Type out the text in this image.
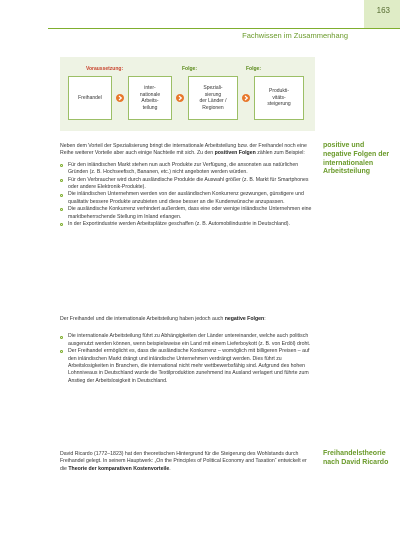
163
Fachwissen im Zusammenhang
Voraussetzung:	Folge:	Folge:
Freihandel
inter-
nationale
Arbeits-
teilung
Speziali-
sierung
der Länder /
Regionen
Produkti-
vitäts-
steigerung

Neben dem Vorteil der Spezialisierung bringt die internationale Arbeitsteilung bzw. der Freihandel noch eine Reihe weiterer Vorteile aber auch einige Nachteile mit sich. Zu den positiven Folgen zählen zum Beispiel:

Für den inländischen Markt stehen nun auch Produkte zur Verfügung, die ansonsten aus natürlichen Gründen (z. B. Hochseefisch, Bananen, etc.) nicht angeboten werden würden.
Für den Verbraucher wird durch ausländische Produkte die Auswahl größer (z. B. Markt für Smartphones oder andere Elektronik-Produkte).
Die inländischen Unternehmen werden von der ausländischen Konkurrenz gezwungen, günstigere und qualitativ bessere Produkte anzubieten und diese besser an die Kundenwünsche anzupassen.
Die ausländische Konkurrenz verhindert außerdem, dass eine oder wenige inländische Unternehmen eine marktbeherrschende Stellung im Inland erlangen.
In der Exportindustrie werden Arbeitsplätze geschaffen (z. B. Automobilindustrie in Deutschland).
positive und negative Folgen der internationalen Arbeitsteilung

Der Freihandel und die internationale Arbeitsteilung haben jedoch auch negative Folgen:

Die internationale Arbeitsteilung führt zu Abhängigkeiten der Länder untereinander, welche auch politisch ausgenutzt werden können, wenn beispielsweise ein Land mit einem Lieferboykott (z. B. von Erdöl) droht.
Der Freihandel ermöglicht es, dass die ausländische Konkurrenz – womöglich mit billigeren Preisen – auf den inländischen Markt drängt und inländische Unternehmen verdrängt werden. Dies führt zu Arbeitslosigkeiten in Branchen, die international nicht mehr wettbewerbsfähig sind. Aufgrund des hohen Lohnniveaus in Deutschland wurde die Textilproduktion zunehmend ins Ausland verlagert und führte zum Anstieg der Arbeitslosigkeit in Deutschland.

David Ricardo (1772–1823) hat den theoretischen Hintergrund für die Steigerung des Wohlstands durch Freihandel gelegt. In seinem Hauptwerk: „On the Principles of Political Economy and Taxation“ entwickelt er die Theorie der komparativen Kostenvorteile.

Freihandelstheorie nach David Ricardo
